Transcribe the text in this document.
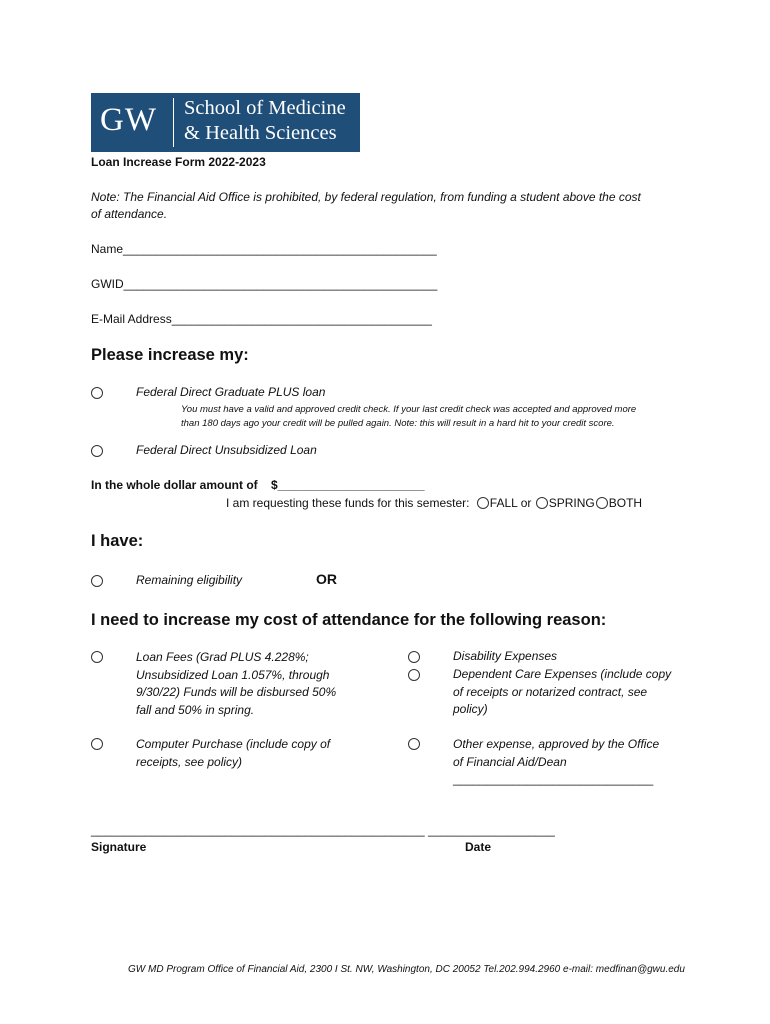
GW School of Medicine
& Health Sciences
Loan Increase Form 2022-2023
Note: The Financial Aid Office is prohibited, by federal regulation, from funding a student above the cost
of attendance.
Name_______________________________________________
GWID_______________________________________________
E-Mail Address_______________________________________
Please increase my:
Federal Direct Graduate PLUS loan
You must have a valid and approved credit check. If your last credit check was accepted and approved more
than 180 days ago your credit will be pulled again. Note: this will result in a hard hit to your credit score.
Federal Direct Unsubsidized Loan
In the whole dollar amount of $______________________
I am requesting these funds for this semester: FALL or SPRING BOTH
I have:
Remaining eligibility	OR
I need to increase my cost of attendance for the following reason:
Loan Fees (Grad PLUS 4.228%;
Unsubsidized Loan 1.057%, through
9/30/22) Funds will be disbursed 50%
fall and 50% in spring.
Disability Expenses
Dependent Care Expenses (include copy
of receipts or notarized contract, see
policy)
Computer Purchase (include copy of
receipts, see policy)
Other expense, approved by the Office
of Financial Aid/Dean
______________________________
__________________________________________________ ___________________
Signature	Date
GW MD Program Office of Financial Aid, 2300 I St. NW, Washington, DC 20052 Tel.202.994.2960 e-mail: medfinan@gwu.edu
